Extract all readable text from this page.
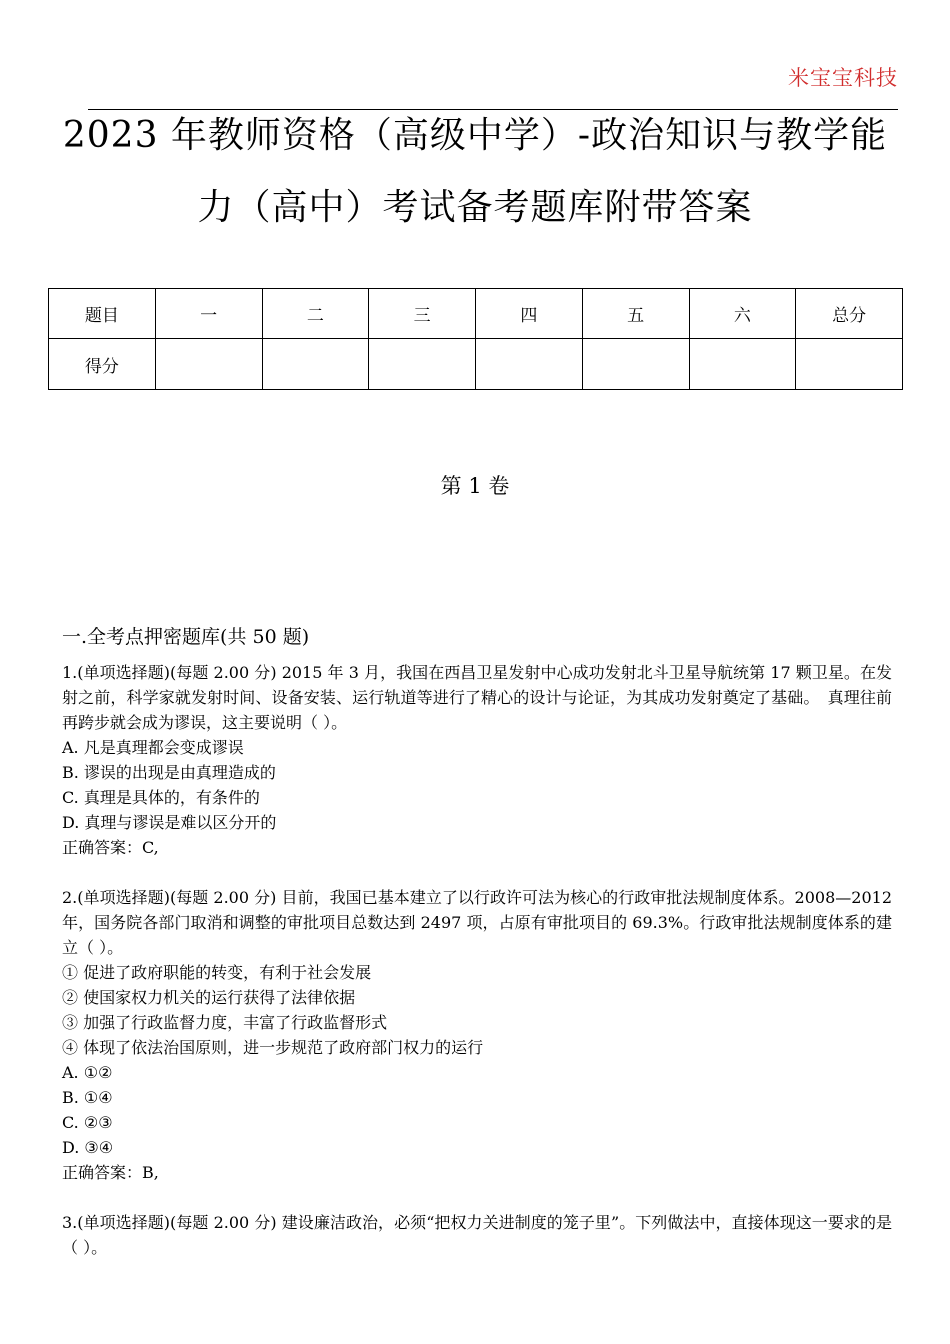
米宝宝科技
2023 年教师资格（高级中学）-政治知识与教学能
力（高中）考试备考题库附带答案
题目	一	二	三	四	五	六	总分
得分							
第 1 卷
一.全考点押密题库(共 50 题)

1.(单项选择题)(每题 2.00 分) 2015 年 3 月，我国在西昌卫星发射中心成功发射北斗卫星导航统第 17 颗卫星。在发射之前，科学家就发射时间、设备安装、运行轨道等进行了精心的设计与论证，为其成功发射奠定了基础。　真理往前再跨步就会成为谬误，这主要说明（ ）。

A. 凡是真理都会变成谬误

B. 谬误的出现是由真理造成的

C. 真理是具体的，有条件的

D. 真理与谬误是难以区分开的

正确答案：C,

2.(单项选择题)(每题 2.00 分) 目前，我国已基本建立了以行政许可法为核心的行政审批法规制度体系。2008—2012 年，国务院各部门取消和调整的审批项目总数达到 2497 项，占原有审批项目的 69.3%。行政审批法规制度体系的建立（ ）。

① 促进了政府职能的转变，有利于社会发展

② 使国家权力机关的运行获得了法律依据

③ 加强了行政监督力度，丰富了行政监督形式

④ 体现了依法治国原则，进一步规范了政府部门权力的运行

A. ①②

B. ①④

C. ②③

D. ③④

正确答案：B,

3.(单项选择题)(每题 2.00 分) 建设廉洁政治，必须“把权力关进制度的笼子里”。下列做法中，直接体现这一要求的是（ ）。
